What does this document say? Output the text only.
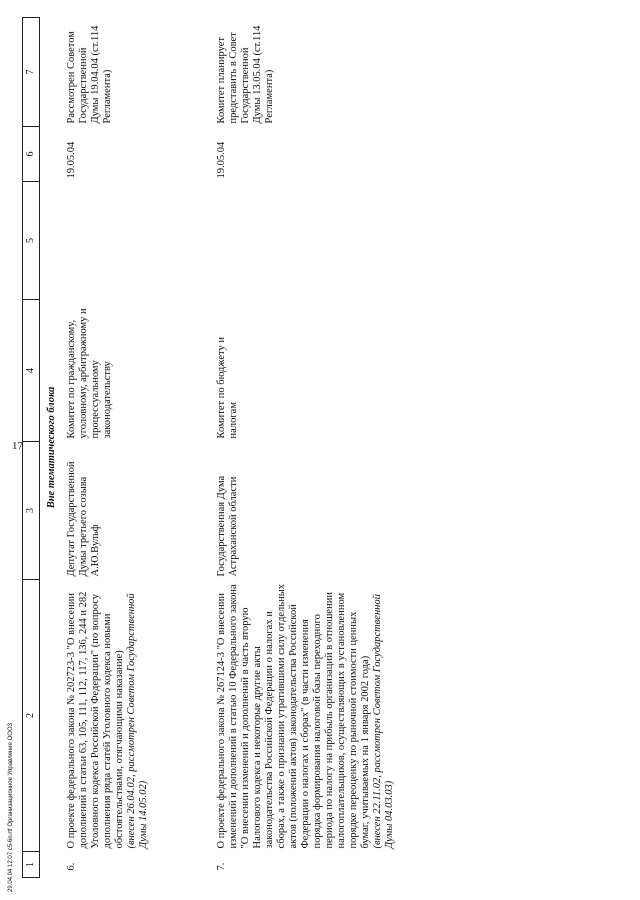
17
1	2	3	4	5	6	7
Вне тематического блока						
6.	О проекте федерального закона № 202723-3 "О внесении дополнений в статьи 63, 105, 111, 112, 117, 136, 244 и 282 Уголовного кодекса Российской Федерации" (по вопросу дополнения ряда статей Уголовного кодекса новыми обстоятельствами, отягчающими наказание) (внесен 26.04.02, рассмотрен Советом Государственной Думы 14.05.02)	Депутат Государственной Думы третьего созыва А.Ю.Вульф	Комитет по гражданскому, уголовному, арбитражному и процессуальному законодательству		19.05.04	Рассмотрен Советом Государственной Думы 19.04.04 (ст.114 Регламента)
7.	О проекте федерального закона № 267124-3 "О внесении изменений и дополнений в статью 10 Федерального закона "О внесении изменений и дополнений в часть вторую Налогового кодекса и некоторые другие акты законодательства Российской Федерации о налогах и сборах, а также о признании утратившими силу отдельных актов (положений актов) законодательства Российской Федерации о налогах и сборах" (в части изменения порядка формирования налоговой базы переходного периода по налогу на прибыль организаций в отношении налогоплательщиков, осуществляющих в установленном порядке переоценку по рыночной стоимости ценных бумаг, учитываемых на 1 января 2002 года) (внесен 22.11.02, рассмотрен Советом Государственной Думы 04.03.03)	Государственная Дума Астраханской области	Комитет по бюджету и налогам		19.05.04	Комитет планирует представить в Совет Государственной Думы 13.05.04 (ст.114 Регламента)
29.04.04 12:07 c5-6n.rtf Организационное Управление ООО3
